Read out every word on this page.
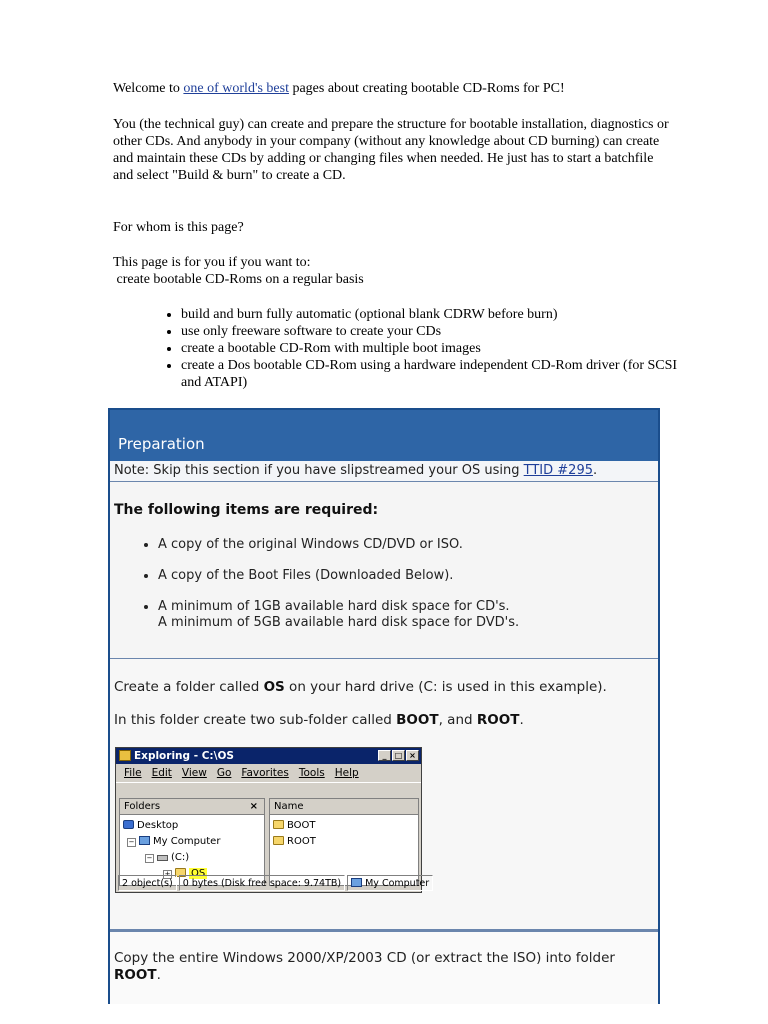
Welcome to one of world's best pages about creating bootable CD-Roms for PC!

You (the technical guy) can create and prepare the structure for bootable installation, diagnostics or other CDs. And anybody in your company (without any knowledge about CD burning) can create and maintain these CDs by adding or changing files when needed. He just has to start a batchfile and select "Build & burn" to create a CD.

For whom is this page?

This page is for you if you want to:

create bootable CD-Roms on a regular basis

• build and burn fully automatic (optional blank CDRW before burn)
• use only freeware software to create your CDs
• create a bootable CD-Rom with multiple boot images
• create a Dos bootable CD-Rom using a hardware independent CD-Rom driver (for SCSI and ATAPI)
Preparation
Note: Skip this section if you have slipstreamed your OS using TTID #295.
The following items are required:
• A copy of the original Windows CD/DVD or ISO.
• A copy of the Boot Files (Downloaded Below).
• A minimum of 1GB available hard disk space for CD's.
A minimum of 5GB available hard disk space for DVD's.
Create a folder called OS on your hard drive (C: is used in this example).
In this folder create two sub-folder called BOOT, and ROOT.
Exploring - C:\OS	_	□ ×
File Edit View Go Favorites Tools Help
Folders	×
Desktop
− My Computer
− (C:)
+ OS
Name
BOOT
ROOT
2 object(s)	0 bytes (Disk free space: 9.74TB)	My Computer
Copy the entire Windows 2000/XP/2003 CD (or extract the ISO) into folder ROOT.
